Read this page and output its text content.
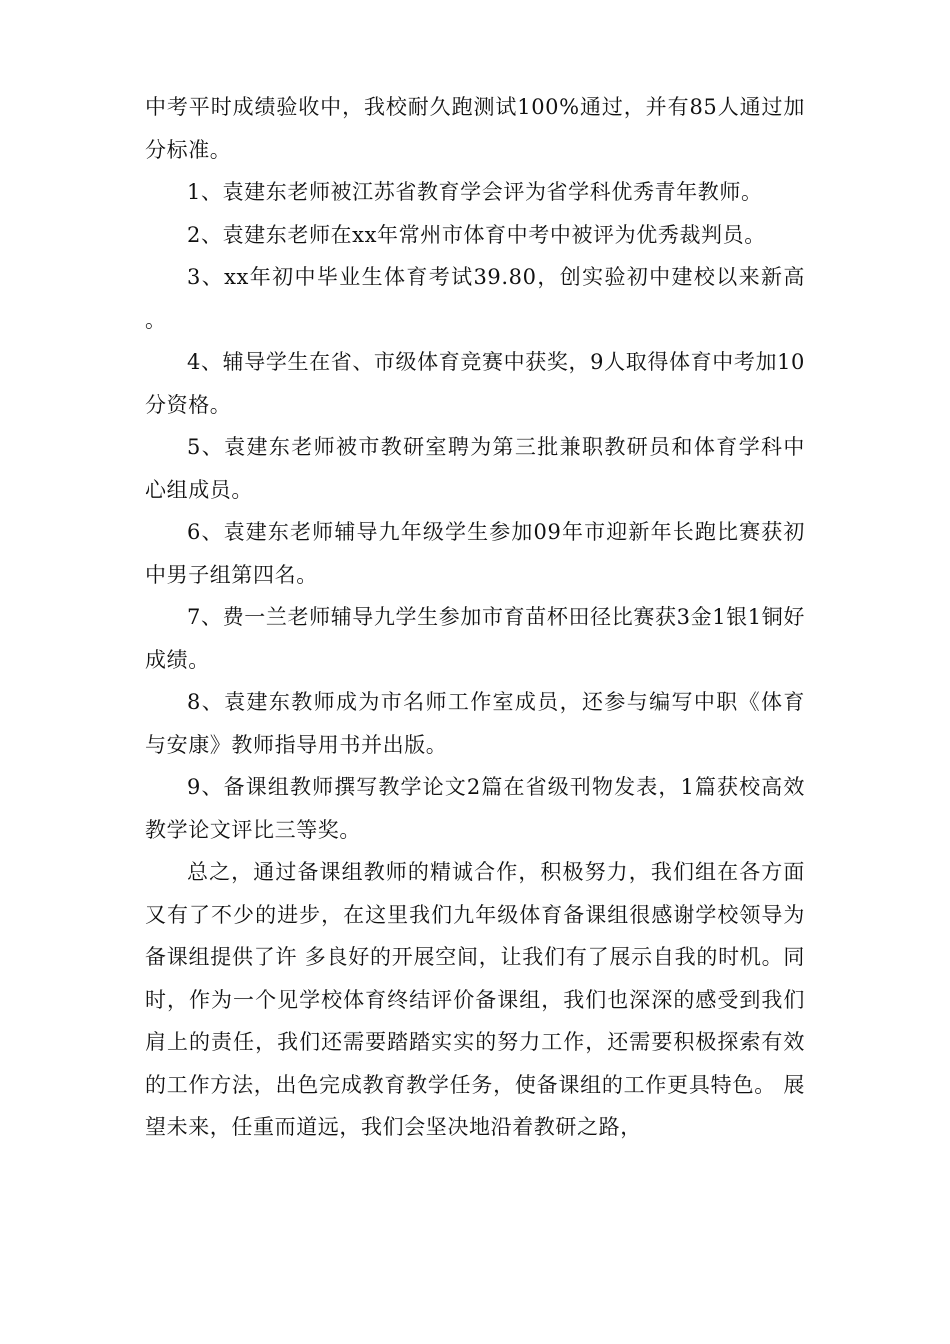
中考平时成绩验收中，我校耐久跑测试100%通过，并有85人通过加分标准。

1、袁建东老师被江苏省教育学会评为省学科优秀青年教师。

2、袁建东老师在xx年常州市体育中考中被评为优秀裁判员。

3、xx年初中毕业生体育考试39.80，创实验初中建校以来新高。

4、辅导学生在省、市级体育竞赛中获奖，9人取得体育中考加10分资格。

5、袁建东老师被市教研室聘为第三批兼职教研员和体育学科中心组成员。

6、袁建东老师辅导九年级学生参加09年市迎新年长跑比赛获初中男子组第四名。

7、费一兰老师辅导九学生参加市育苗杯田径比赛获3金1银1铜好成绩。

8、袁建东教师成为市名师工作室成员，还参与编写中职《体育与安康》教师指导用书并出版。

9、备课组教师撰写教学论文2篇在省级刊物发表，1篇获校高效教学论文评比三等奖。

总之，通过备课组教师的精诚合作，积极努力，我们组在各方面又有了不少的进步，在这里我们九年级体育备课组很感谢学校领导为备课组提供了许 多良好的开展空间，让我们有了展示自我的时机。同时，作为一个见学校体育终结评价备课组，我们也深深的感受到我们肩上的责任，我们还需要踏踏实实的努力工作，还需要积极探索有效的工作方法，出色完成教育教学任务，使备课组的工作更具特色。 展望未来，任重而道远，我们会坚决地沿着教研之路，
